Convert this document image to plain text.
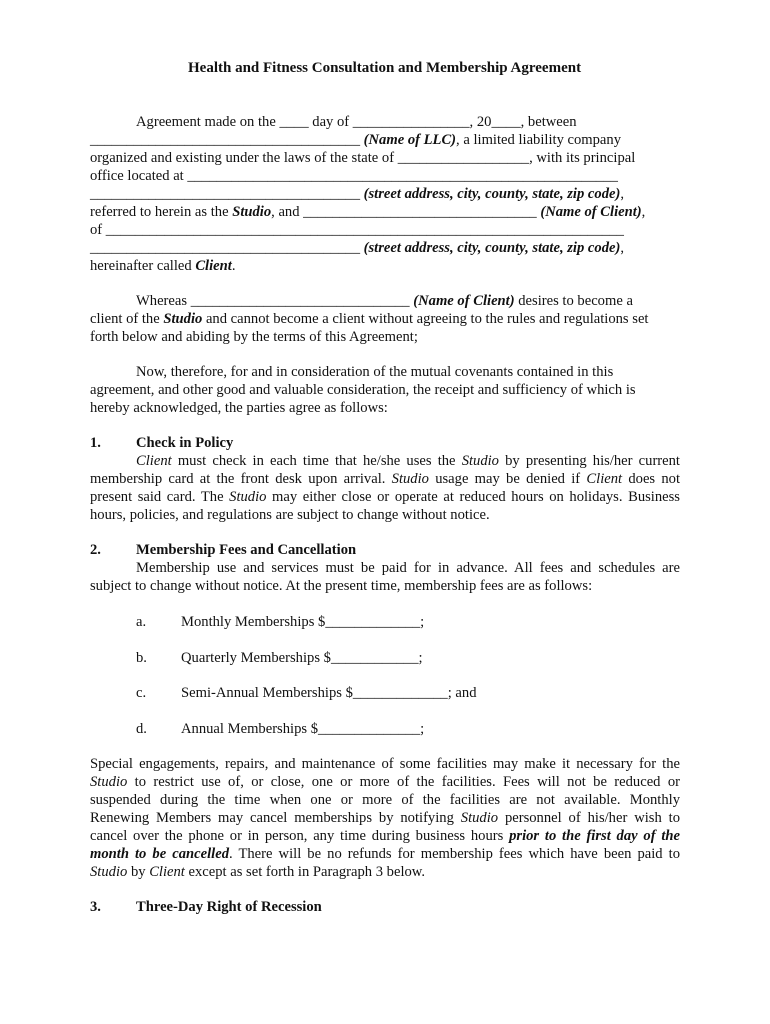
Health and Fitness Consultation and Membership Agreement
Agreement made on the ____ day of ________________, 20____, between
_____________________________________ (Name of LLC), a limited liability company
organized and existing under the laws of the state of __________________, with its principal
office located at ___________________________________________________________
_____________________________________ (street address, city, county, state, zip code),
referred to herein as the Studio, and ________________________________ (Name of Client),
of _______________________________________________________________________
_____________________________________ (street address, city, county, state, zip code),
hereinafter called Client.
Whereas ______________________________ (Name of Client) desires to become a
client of the Studio and cannot become a client without agreeing to the rules and regulations set
forth below and abiding by the terms of this Agreement;
Now, therefore, for and in consideration of the mutual covenants contained in this
agreement, and other good and valuable consideration, the receipt and sufficiency of which is
hereby acknowledged, the parties agree as follows:
1. Check in Policy
Client must check in each time that he/she uses the Studio by presenting his/her current
membership card at the front desk upon arrival. Studio usage may be denied if Client does not
present said card. The Studio may either close or operate at reduced hours on holidays. Business
hours, policies, and regulations are subject to change without notice.
2. Membership Fees and Cancellation
Membership use and services must be paid for in advance. All fees and schedules are
subject to change without notice. At the present time, membership fees are as follows:
a. Monthly Memberships $_____________;
b. Quarterly Memberships $____________;
c. Semi-Annual Memberships $_____________; and
d. Annual Memberships $______________;
Special engagements, repairs, and maintenance of some facilities may make it necessary for the
Studio to restrict use of, or close, one or more of the facilities. Fees will not be reduced or
suspended during the time when one or more of the facilities are not available. Monthly
Renewing Members may cancel memberships by notifying Studio personnel of his/her wish to
cancel over the phone or in person, any time during business hours prior to the first day of the
month to be cancelled. There will be no refunds for membership fees which have been paid to
Studio by Client except as set forth in Paragraph 3 below.
3. Three-Day Right of Recession
